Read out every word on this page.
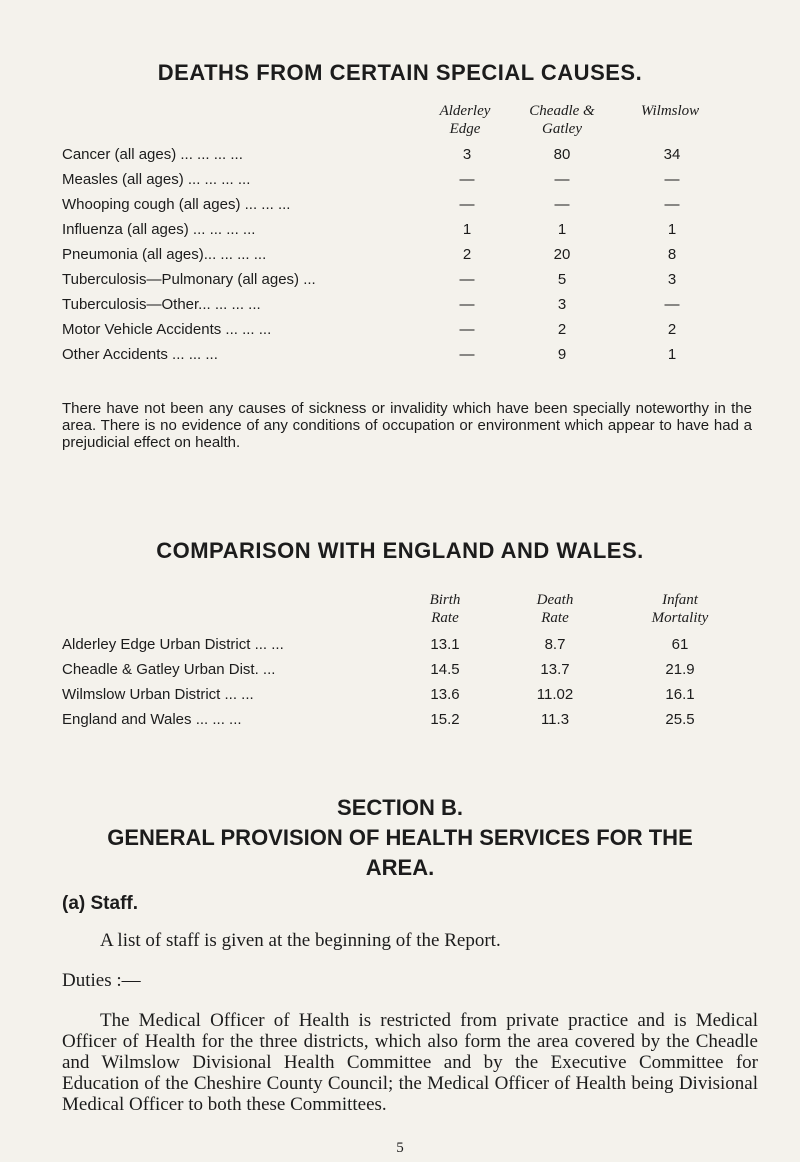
DEATHS FROM CERTAIN SPECIAL CAUSES.
Alderley
Edge
Cheadle &
Gatley
Wilmslow
Cancer (all ages) ... ... ... ...	3	80	34
Measles (all ages) ... ... ... ...	—	—	—
Whooping cough (all ages) ... ... ...	—	—	—
Influenza (all ages) ... ... ... ...	1	1	1
Pneumonia (all ages)... ... ... ...	2	20	8
Tuberculosis—Pulmonary (all ages) ...	—	5	3
Tuberculosis—Other... ... ... ...	—	3	—
Motor Vehicle Accidents ... ... ...	—	2	2
Other Accidents ... ... ...	—	9	1
There have not been any causes of sickness or invalidity which have been specially noteworthy in the area. There is no evidence of any conditions of occupation or environment which appear to have had a prejudicial effect on health.
COMPARISON WITH ENGLAND AND WALES.
Birth
Rate
Death
Rate
Infant
Mortality
Alderley Edge Urban District ... ...	13.1	8.7	61
Cheadle & Gatley Urban Dist. ...	14.5	13.7	21.9
Wilmslow Urban District ... ...	13.6	11.02	16.1
England and Wales ... ... ...	15.2	11.3	25.5
SECTION B.
GENERAL PROVISION OF HEALTH SERVICES FOR THE
AREA.
(a) Staff.
A list of staff is given at the beginning of the Report.
Duties :—
The Medical Officer of Health is restricted from private practice and is Medical Officer of Health for the three districts, which also form the area covered by the Cheadle and Wilmslow Divisional Health Committee and by the Executive Committee for Education of the Cheshire County Council; the Medical Officer of Health being Divisional Medical Officer to both these Committees.
5
